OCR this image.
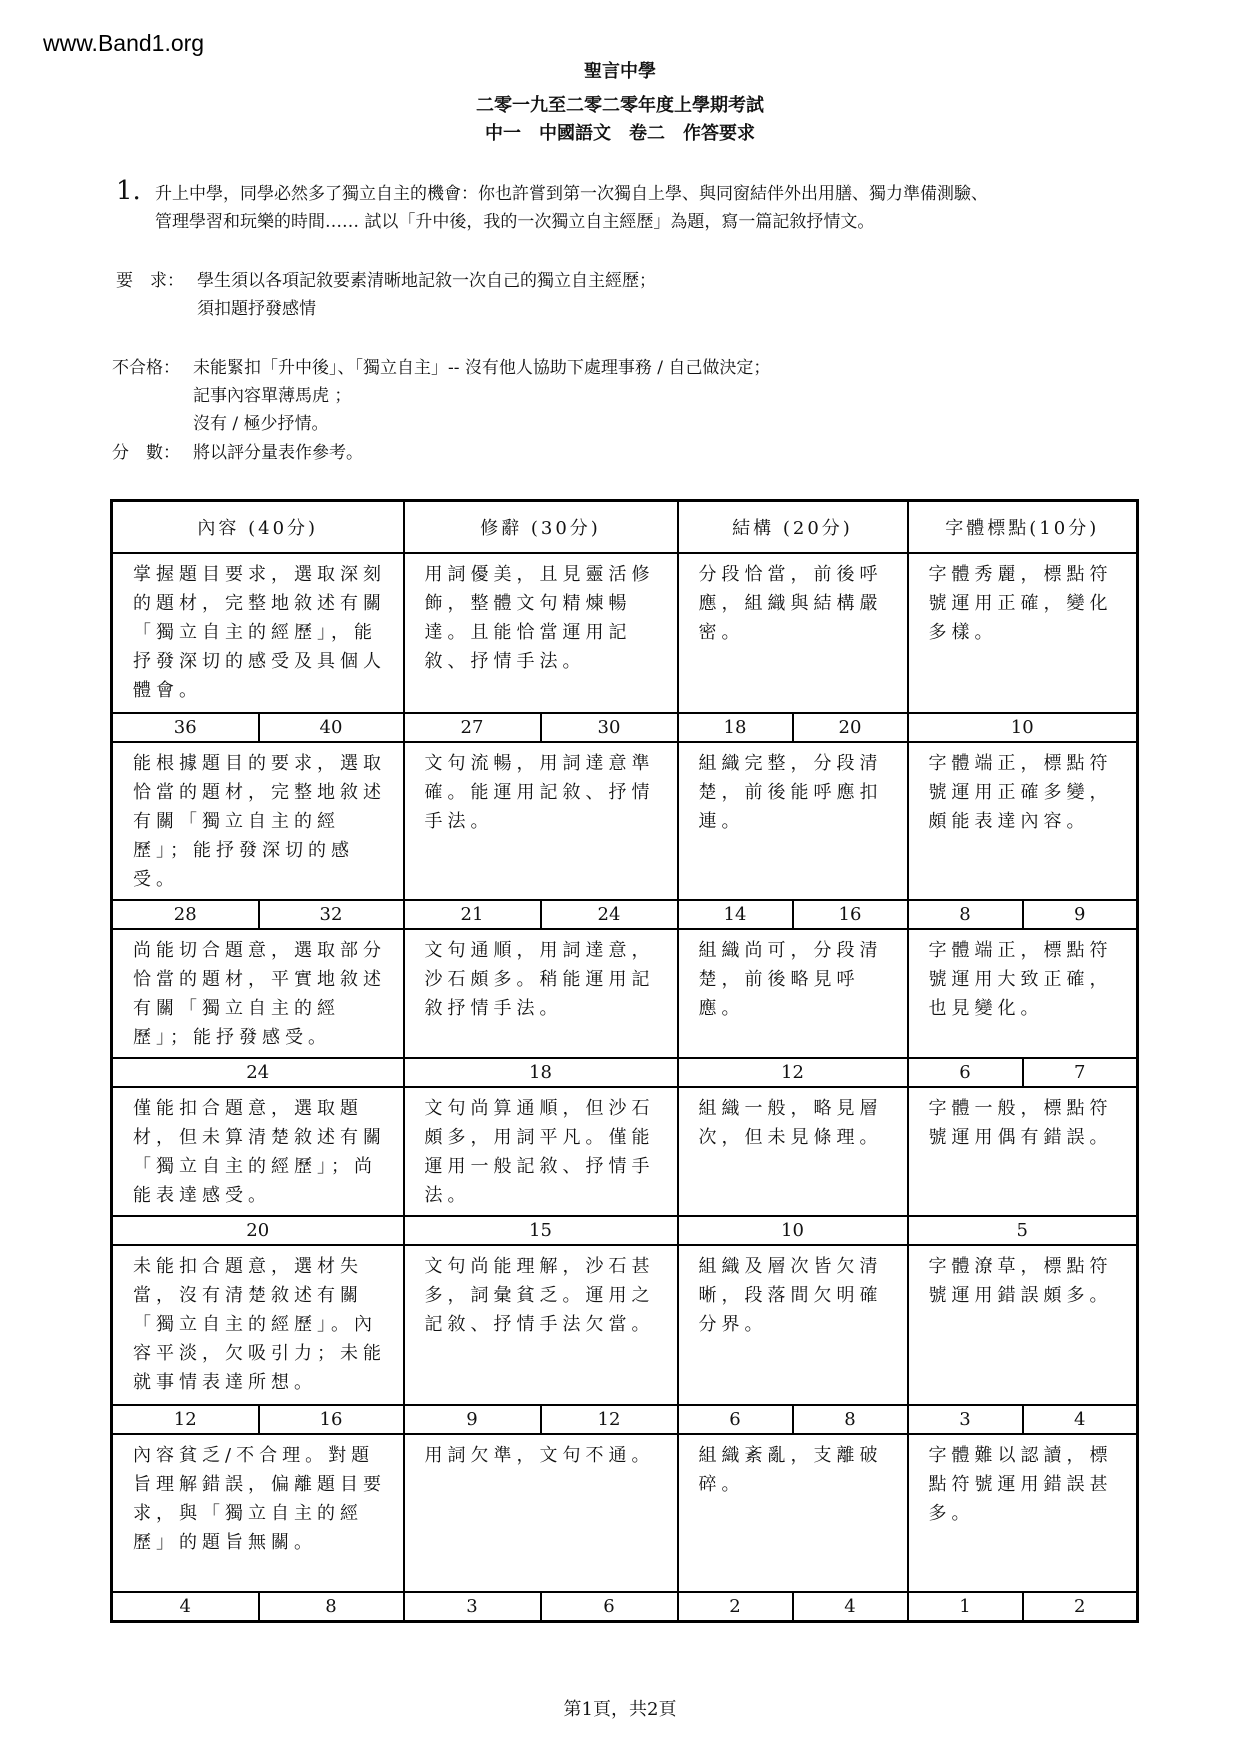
www.Band1.org
聖言中學
二零一九至二零二零年度上學期考試
中一　中國語文　卷二　作答要求
1. 升上中學，同學必然多了獨立自主的機會：你也許嘗到第一次獨自上學、與同窗結伴外出用膳、獨力準備測驗、
管理學習和玩樂的時間…… 試以「升中後，我的一次獨立自主經歷」為題，寫一篇記敘抒情文。
要　求： 學生須以各項記敘要素清晰地記敘一次自己的獨立自主經歷；
須扣題抒發感情
不合格： 未能緊扣「升中後」、「獨立自主」-- 沒有他人協助下處理事務 / 自己做決定；
記事內容單薄馬虎 ；
沒有 / 極少抒情。
分　數： 將以評分量表作參考。
內容 (40分)		修辭 (30分)		結構 (20分)		字體標點(10分)	
掌握題目要求，選取深刻的題材，完整地敘述有關「獨立自主的經歷」，能抒發深切的感受及具個人體會。		用詞優美，且見靈活修飾，整體文句精煉暢達。且能恰當運用記敘、抒情手法。		分段恰當，前後呼應，組織與結構嚴密。		字體秀麗，標點符號運用正確，變化多樣。	
36	40	27	30	18	20	10	
能根據題目的要求，選取恰當的題材，完整地敘述有關「獨立自主的經歷」；能抒發深切的感受。		文句流暢，用詞達意準確。能運用記敘、抒情手法。		組織完整，分段清楚，前後能呼應扣連。		字體端正，標點符號運用正確多變，頗能表達內容。	
28	32	21	24	14	16	8	9
尚能切合題意，選取部分恰當的題材，平實地敘述有關「獨立自主的經歷」；能抒發感受。		文句通順，用詞達意，沙石頗多。稍能運用記敘抒情手法。		組織尚可，分段清楚，前後略見呼應。		字體端正，標點符號運用大致正確，也見變化。	
24		18		12		6	7
僅能扣合題意，選取題材，但未算清楚敘述有關「獨立自主的經歷」；尚能表達感受。		文句尚算通順，但沙石頗多，用詞平凡。僅能運用一般記敘、抒情手法。		組織一般，略見層次，但未見條理。		字體一般，標點符號運用偶有錯誤。	
20		15		10		5	
未能扣合題意，選材失當，沒有清楚敘述有關「獨立自主的經歷」。內容平淡，欠吸引力；未能就事情表達所想。		文句尚能理解，沙石甚多，詞彙貧乏。運用之記敘、抒情手法欠當。		組織及層次皆欠清晰，段落間欠明確分界。		字體潦草，標點符號運用錯誤頗多。	
12	16	9	12	6	8	3	4
內容貧乏/不合理。對題旨理解錯誤，偏離題目要求，與「獨立自主的經歷」的題旨無關。		用詞欠準，文句不通。		組織紊亂，支離破碎。		字體難以認讀，標點符號運用錯誤甚多。	
4	8	3	6	2	4	1	2
第1頁，共2頁
